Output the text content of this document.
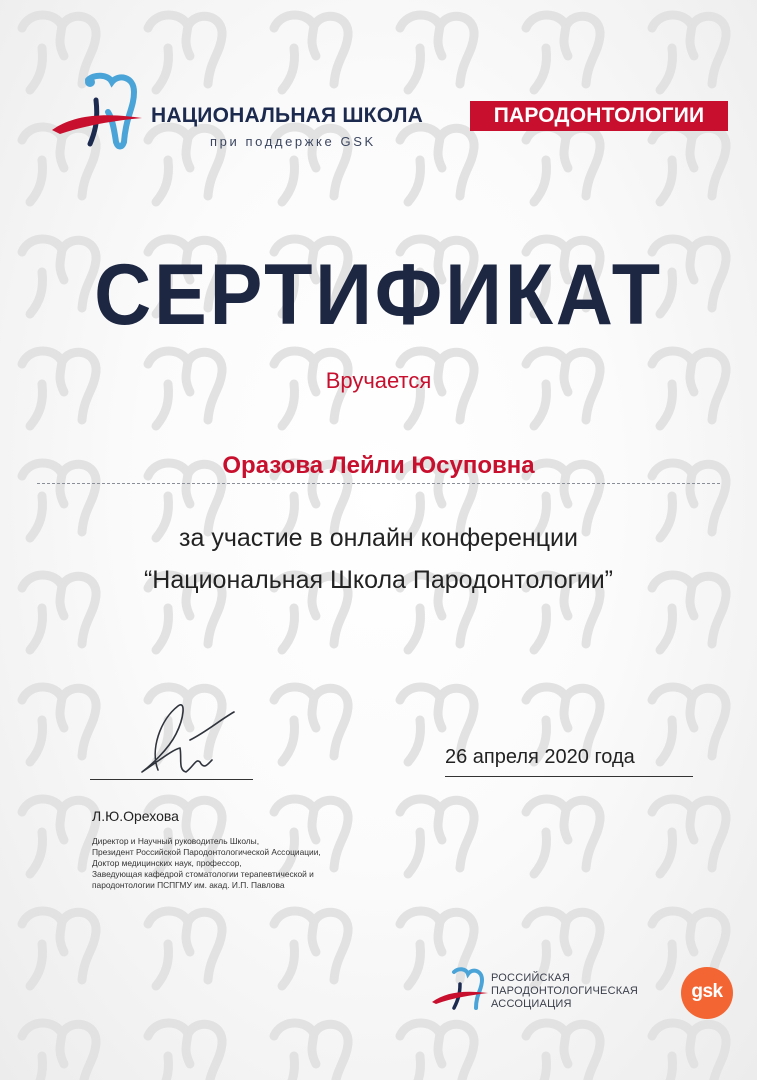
НАЦИОНАЛЬНАЯ ШКОЛА	ПАРОДОНТОЛОГИИ
при поддержке GSK
СЕРТИФИКАТ
Вручается
Оразова Лейли Юсуповна
за участие в онлайн конференции
“Национальная Школа Пародонтологии”
26 апреля 2020 года
Л.Ю.Орехова
Директор и Научный руководитель Школы,
Президент Российской Пародонтологической Ассоциации,
Доктор медицинских наук, профессор,
Заведующая кафедрой стоматологии терапевтической и
пародонтологии ПСПГМУ им. акад. И.П. Павлова
РОССИЙСКАЯ
ПАРОДОНТОЛОГИЧЕСКАЯ
АССОЦИАЦИЯ
gsk
